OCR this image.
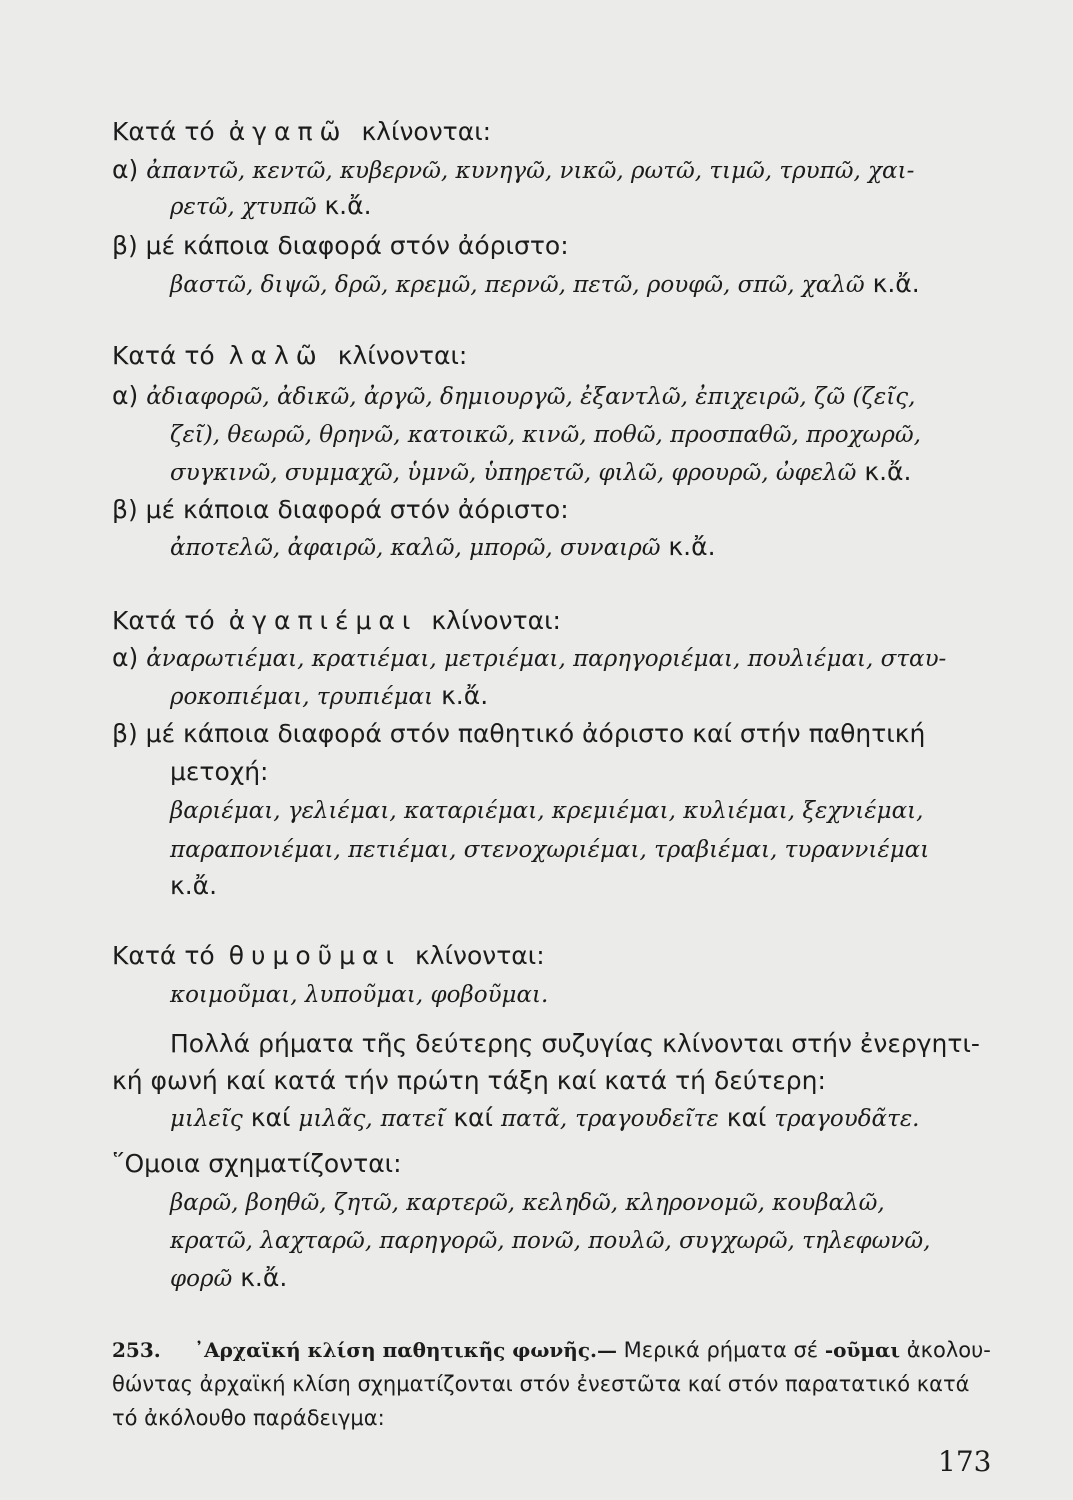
Κατά τό ἀγαπῶ κλίνονται:
α) ἀπαντῶ, κεντῶ, κυβερνῶ, κυνηγῶ, νικῶ, ρωτῶ, τιμῶ, τρυπῶ, χαι-
ρετῶ, χτυπῶ κ.ἄ.
β) μέ κάποια διαφορά στόν ἀόριστο:
βαστῶ, διψῶ, δρῶ, κρεμῶ, περνῶ, πετῶ, ρουφῶ, σπῶ, χαλῶ κ.ἄ.
Κατά τό λαλῶ κλίνονται:
α) ἀδιαφορῶ, ἀδικῶ, ἀργῶ, δημιουργῶ, ἐξαντλῶ, ἐπιχειρῶ, ζῶ (ζεῖς,
ζεῖ), θεωρῶ, θρηνῶ, κατοικῶ, κινῶ, ποθῶ, προσπαθῶ, προχωρῶ,
συγκινῶ, συμμαχῶ, ὑμνῶ, ὑπηρετῶ, φιλῶ, φρουρῶ, ὠφελῶ κ.ἄ.
β) μέ κάποια διαφορά στόν ἀόριστο:
ἀποτελῶ, ἀφαιρῶ, καλῶ, μπορῶ, συναιρῶ κ.ἄ.
Κατά τό ἀγαπιέμαι κλίνονται:
α) ἀναρωτιέμαι, κρατιέμαι, μετριέμαι, παρηγοριέμαι, πουλιέμαι, σταυ-
ροκοπιέμαι, τρυπιέμαι κ.ἄ.
β) μέ κάποια διαφορά στόν παθητικό ἀόριστο καί στήν παθητική
μετοχή:
βαριέμαι, γελιέμαι, καταριέμαι, κρεμιέμαι, κυλιέμαι, ξεχνιέμαι,
παραπονιέμαι, πετιέμαι, στενοχωριέμαι, τραβιέμαι, τυραννιέμαι
κ.ἄ.
Κατά τό θυμοῦμαι κλίνονται:
κοιμοῦμαι, λυποῦμαι, φοβοῦμαι.
Πολλά ρήματα τῆς δεύτερης συζυγίας κλίνονται στήν ἐνεργητι-
κή φωνή καί κατά τήν πρώτη τάξη καί κατά τή δεύτερη:
μιλεῖς καί μιλᾶς, πατεῖ καί πατᾶ, τραγουδεῖτε καί τραγουδᾶτε.
῞Ομοια σχηματίζονται:
βαρῶ, βοηθῶ, ζητῶ, καρτερῶ, κεληδῶ, κληρονομῶ, κουβαλῶ,
κρατῶ, λαχταρῶ, παρηγορῶ, πονῶ, πουλῶ, συγχωρῶ, τηλεφωνῶ,
φορῶ κ.ἄ.
253. ᾿Αρχαϊκή κλίση παθητικῆς φωνῆς.— Μερικά ρήματα σέ -οῦμαι ἀκολου-
θώντας ἀρχαϊκή κλίση σχηματίζονται στόν ἐνεστῶτα καί στόν παρατατικό κατά
τό ἀκόλουθο παράδειγμα:
173
